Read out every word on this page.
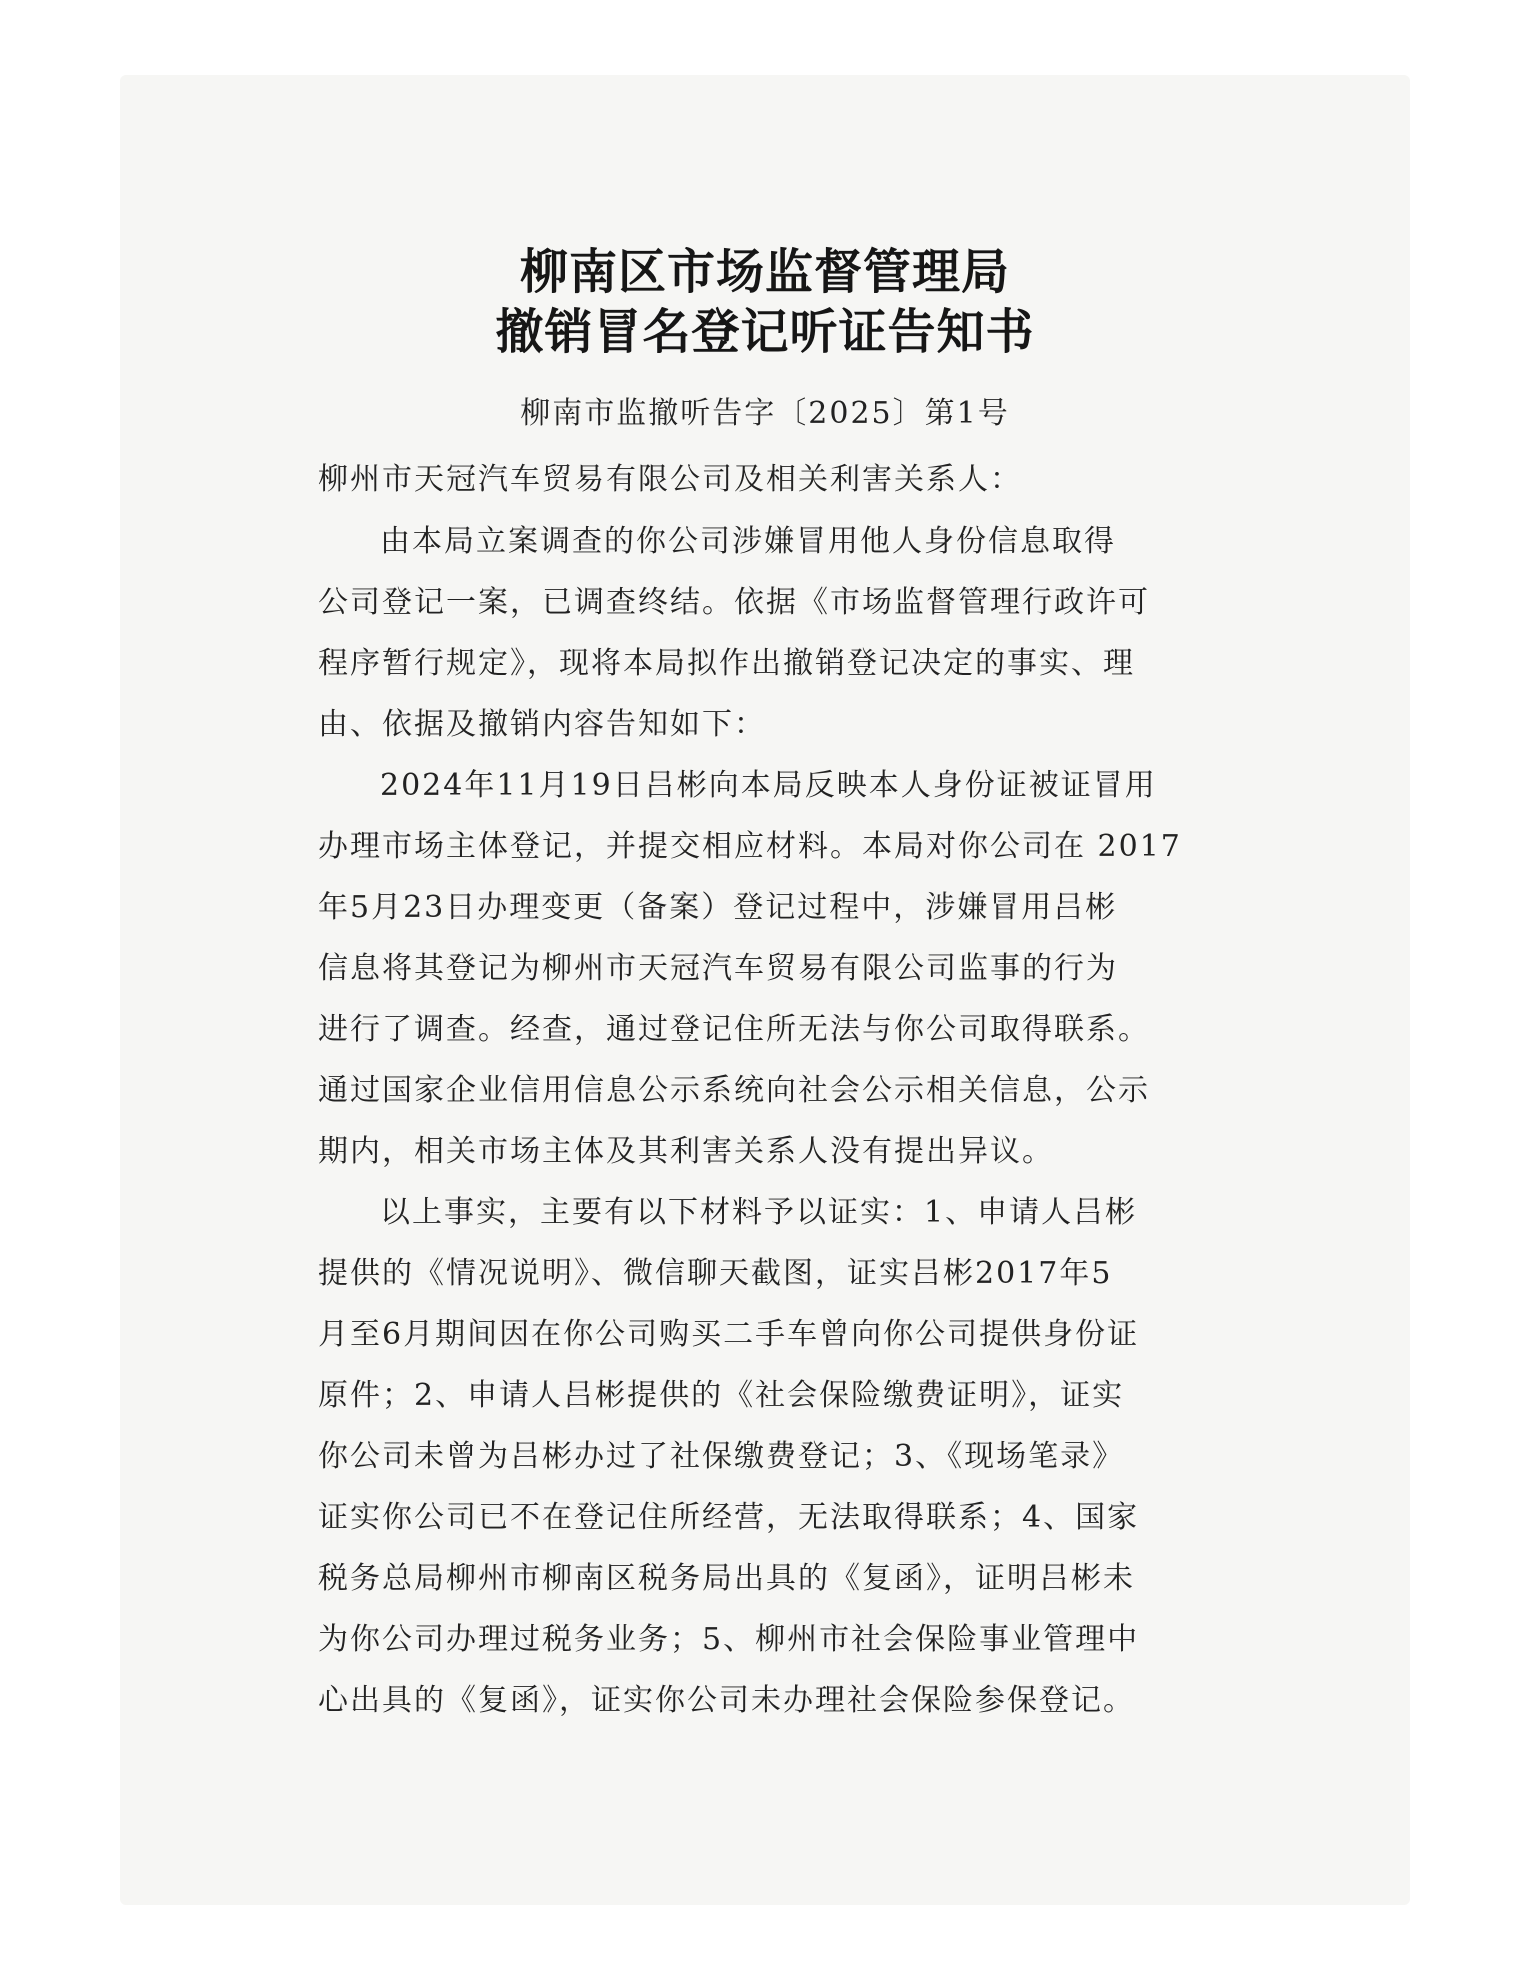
柳南区市场监督管理局
撤销冒名登记听证告知书
柳南市监撤听告字〔2025〕第1号
柳州市天冠汽车贸易有限公司及相关利害关系人：
由本局立案调查的你公司涉嫌冒用他人身份信息取得
公司登记一案，已调查终结。依据《市场监督管理行政许可
程序暂行规定》，现将本局拟作出撤销登记决定的事实、理
由、依据及撤销内容告知如下：
2024年11月19日吕彬向本局反映本人身份证被证冒用
办理市场主体登记，并提交相应材料。本局对你公司在 2017
年5月23日办理变更（备案）登记过程中，涉嫌冒用吕彬
信息将其登记为柳州市天冠汽车贸易有限公司监事的行为
进行了调查。经查，通过登记住所无法与你公司取得联系。
通过国家企业信用信息公示系统向社会公示相关信息，公示
期内，相关市场主体及其利害关系人没有提出异议。
以上事实，主要有以下材料予以证实：1、申请人吕彬
提供的《情况说明》、微信聊天截图，证实吕彬2017年5
月至6月期间因在你公司购买二手车曾向你公司提供身份证
原件；2、申请人吕彬提供的《社会保险缴费证明》，证实
你公司未曾为吕彬办过了社保缴费登记；3、《现场笔录》
证实你公司已不在登记住所经营，无法取得联系；4、国家
税务总局柳州市柳南区税务局出具的《复函》，证明吕彬未
为你公司办理过税务业务；5、柳州市社会保险事业管理中
心出具的《复函》，证实你公司未办理社会保险参保登记。
